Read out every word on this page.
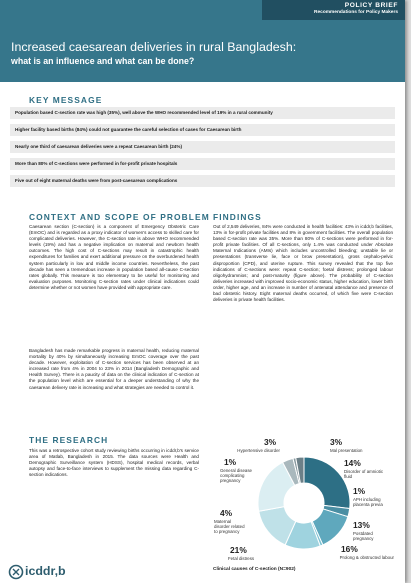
POLICY BRIEF
Recommendations for Policy Makers
Increased caesarean deliveries in rural Bangladesh:
what is an influence and what can be done?
KEY MESSAGE
Population based C-section rate was high (35%), well above the WHO recommended level of 19% in a rural community
Higher facility based births (84%) could not guarantee the careful selection of cases for Caesarean birth
Nearly one third of caesarean deliveries were a repeat Caesarean birth (24%)
More than 80% of C-sections were performed in for-profit private hospitals
Five out of eight maternal deaths were from post-caesarean complications
CONTEXT AND SCOPE OF PROBLEM
Caesarean section (C-section) is a component of Emergency Obstetric Care (EmOC) and is regarded as a proxy indicator of women's access to skilled care for complicated deliveries. However, the C-section rate is above WHO recommended levels (19%) and has a negative implication on maternal and newborn health outcomes. The high cost of C-sections may result in catastrophic health expenditures for families and exert additional pressure on the overburdened health system particularly in low and middle income countries. Nevertheless, the past decade has seen a tremendous increase in population based all-cause C-section rates globally. This measure is too elementary to be useful for monitoring and evaluation purposes. Monitoring C-section rates under clinical indications could determine whether or not women have provided with appropriate care.
Bangladesh has made remarkable progress in maternal health, reducing maternal mortality by 40% by simultaneously increasing EmOC coverage over the past decade. However, exploitation of C-section services has been observed at an increased rate from 4% in 2004 to 23% in 2014 (Bangladesh Demographic and Health Survey). There is a paucity of data on the clinical indication of C-section at the population level which are essential for a deeper understanding of why the caesarean delivery rate is increasing and what strategies are needed to control it.
THE RESEARCH
This was a retrospective cohort study reviewing births occurring in icddr,b's service area of Matlab, Bangladesh in 2015. The data sources were Health and Demographic Surveillance system (HDSS), hospital medical records, verbal autopsy and face-to-face interviews to supplement the missing data regarding C-section indications.
FINDINGS
Out of 2,549 deliveries, 84% were conducted in health facilities: 43% in icddr,b facilities, 13% in for-profit private facilities and 8% in government facilities. The overall population based C-section rate was 35%. More than 80% of C-sections were performed in for-profit private facilities. Of all C-sections, only 1.4% was conducted under Absolute Maternal Indications (AMIs) which includes uncontrolled bleeding; unstable lie or presentations (transverse lie, face or brow presentation), gross cephalo-pelvic disproportion (CPD), and uterine rupture. This survey revealed that the top five indications of C-sections were: repeat C-section; foetal distress; prolonged labour oligohydramnios; and post-maturity (figure above). The probability of C-section deliveries increased with improved socio-economic status, higher education, lower birth order, higher age, and an increase in number of antenatal attendance and presence of bad obstetric history. Eight maternal deaths occurred, of which five were C-section deliveries in private health facilities.
3%
Hypertensive disorder
3%
Mal presentation
14%
Disorder of amniotic fluid
1%
General disease complicating pregnancy
1%
APH including placenta previa
4%
Maternal disorder related to pregnancy
13%
Postdated pregnancy
21%
Fetal distress
16%
Prolong & obstructed labour
Clinical causes of C-section (N=902)
icddr,b
